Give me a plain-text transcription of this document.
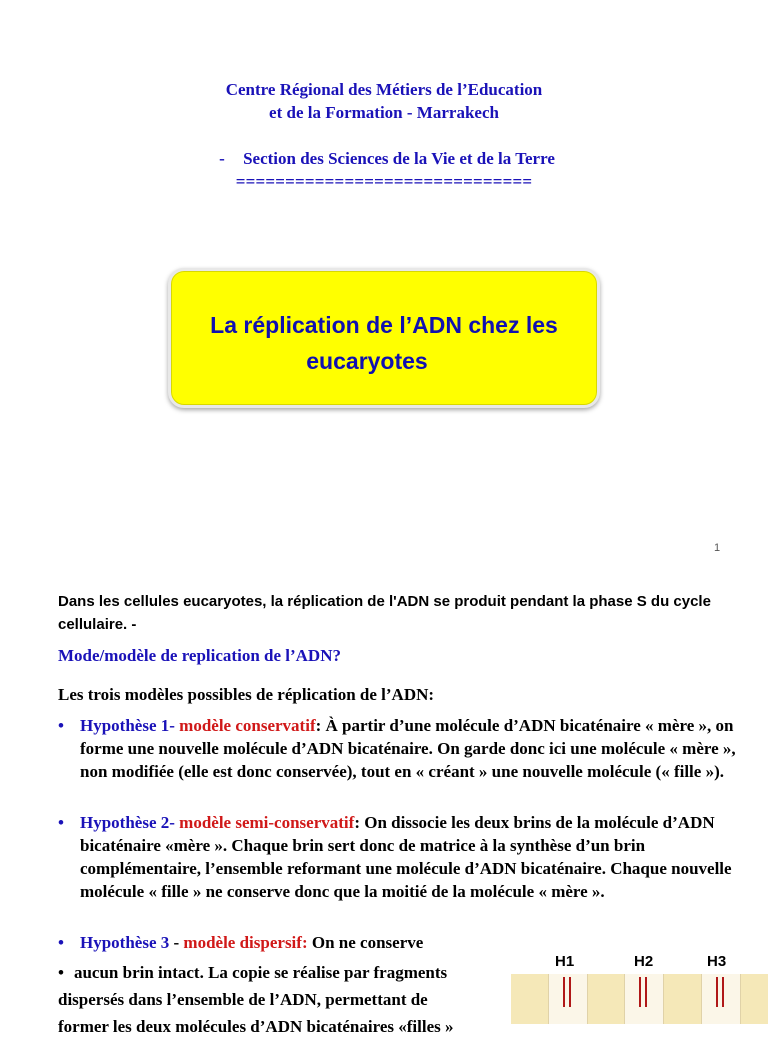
Centre Régional des Métiers de l’Education
et de la Formation - Marrakech
- Section des Sciences de la Vie et de la Terre
==============================
La réplication de l’ADN chez les
eucaryotes
1
Dans les cellules eucaryotes, la réplication de l'ADN se produit pendant la phase S du cycle cellulaire. -
Mode/modèle de replication de l’ADN?
Les trois modèles possibles de réplication de l’ADN:
• Hypothèse 1- modèle conservatif: À partir d’une molécule d’ADN bicaténaire « mère », on forme une nouvelle molécule d’ADN bicaténaire. On garde donc ici une molécule « mère », non modifiée (elle est donc conservée), tout en « créant » une nouvelle molécule (« fille »).
• Hypothèse 2- modèle semi-conservatif: On dissocie les deux brins de la molécule d’ADN bicaténaire «mère ». Chaque brin sert donc de matrice à la synthèse d’un brin complémentaire, l’ensemble reformant une molécule d’ADN bicaténaire. Chaque nouvelle molécule « fille » ne conserve donc que la moitié de la molécule « mère ».
• Hypothèse 3 - modèle dispersif: On ne conserve
• aucun brin intact. La copie se réalise par fragments
dispersés dans l’ensemble de l’ADN, permettant de
former les deux molécules d’ADN bicaténaires «filles »
H1	H2	H3
